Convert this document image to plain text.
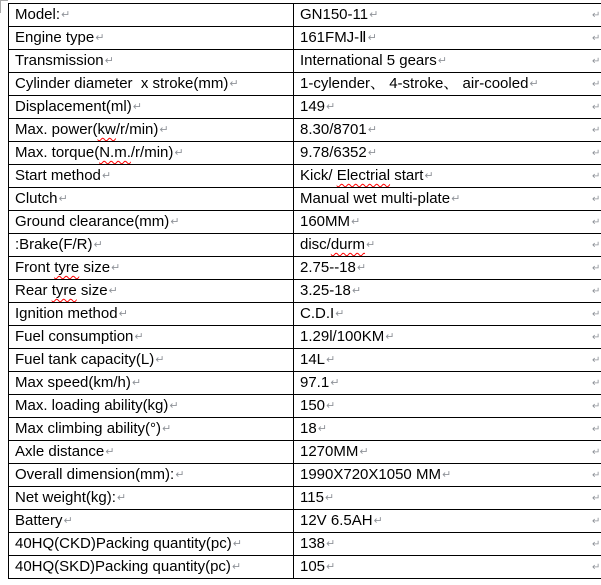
Model:↵	GN150-11↵
Engine type↵	161FMJ-Ⅱ↵
Transmission↵	International 5 gears↵
Cylinder diameter  x stroke(mm)↵	1-cylender、 4-stroke、 air-cooled↵
Displacement(ml)↵	149↵
Max. power(kw/r/min)↵	8.30/8701↵
Max. torque(N.m./r/min)↵	9.78/6352↵
Start method↵	Kick/ Electrial start↵
Clutch↵	Manual wet multi-plate↵
Ground clearance(mm)↵	160MM↵
:Brake(F/R)↵	disc/durm↵
Front tyre size↵	2.75--18↵
Rear tyre size↵	3.25-18↵
Ignition method↵	C.D.I↵
Fuel consumption↵	1.29l/100KM↵
Fuel tank capacity(L)↵	14L↵
Max speed(km/h)↵	97.1↵
Max. loading ability(kg)↵	150↵
Max climbing ability(°)↵	18↵
Axle distance↵	1270MM↵
Overall dimension(mm):↵	1990X720X1050 MM↵
Net weight(kg):↵	115↵
Battery↵	12V 6.5AH↵
40HQ(CKD)Packing quantity(pc)↵	138↵
40HQ(SKD)Packing quantity(pc)↵	105↵
↵
↵
↵
↵
↵
↵
↵
↵
↵
↵
↵
↵
↵
↵
↵
↵
↵
↵
↵
↵
↵
↵
↵
↵
↵
